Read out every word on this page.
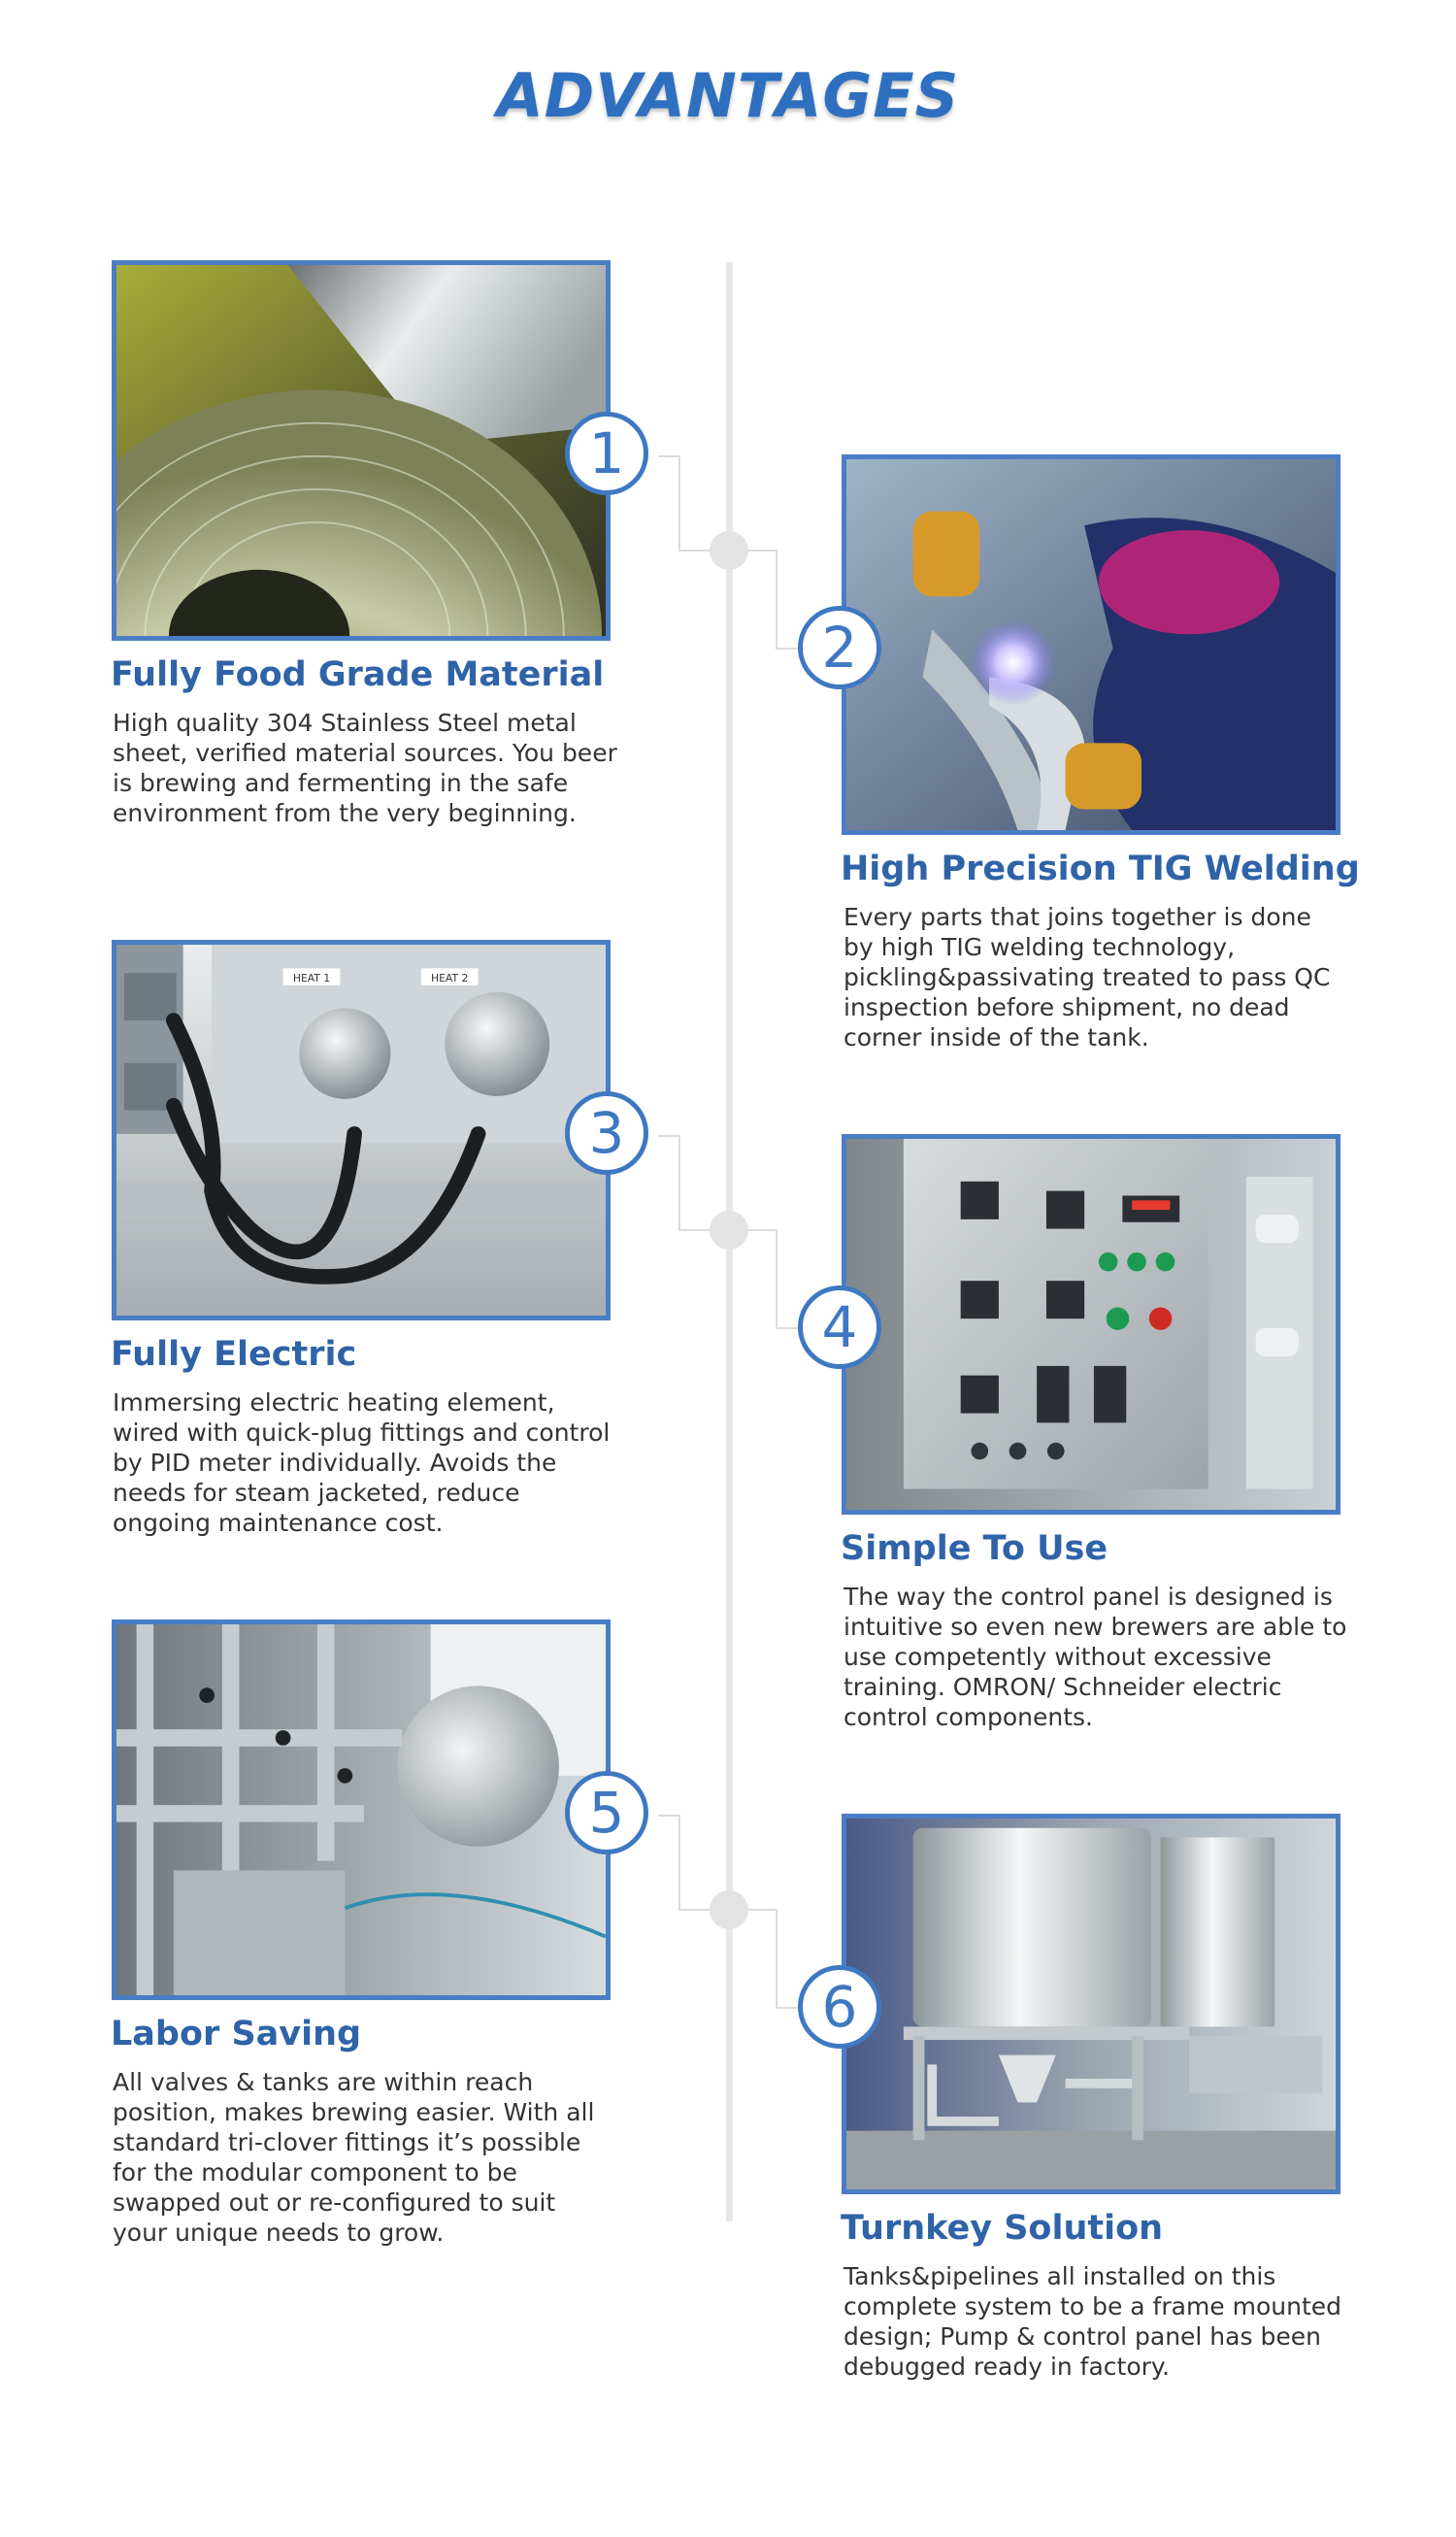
ADVANTAGES
1
Fully Food Grade Material
High quality 304 Stainless Steel metal sheet, verified material sources. You beer is brewing and fermenting in the safe environment from the very beginning.
2
High Precision TIG Welding
Every parts that joins together is done by high TIG welding technology, pickling&passivating treated to pass QC inspection before shipment, no dead corner inside of the tank.
HEAT 2
HEAT 1
3
Fully Electric
Immersing electric heating element, wired with quick-plug fittings and control by PID meter individually. Avoids the needs for steam jacketed, reduce ongoing maintenance cost.
4
Simple To Use
The way the control panel is designed is intuitive so even new brewers are able to use competently without excessive training. OMRON/ Schneider electric control components.
5
Labor Saving
All valves & tanks are within reach position, makes brewing easier. With all standard tri-clover fittings it’s possible for the modular component to be swapped out or re-configured to suit your unique needs to grow.
6
Turnkey Solution
Tanks&pipelines all installed on this complete system to be a frame mounted design; Pump & control panel has been debugged ready in factory.
